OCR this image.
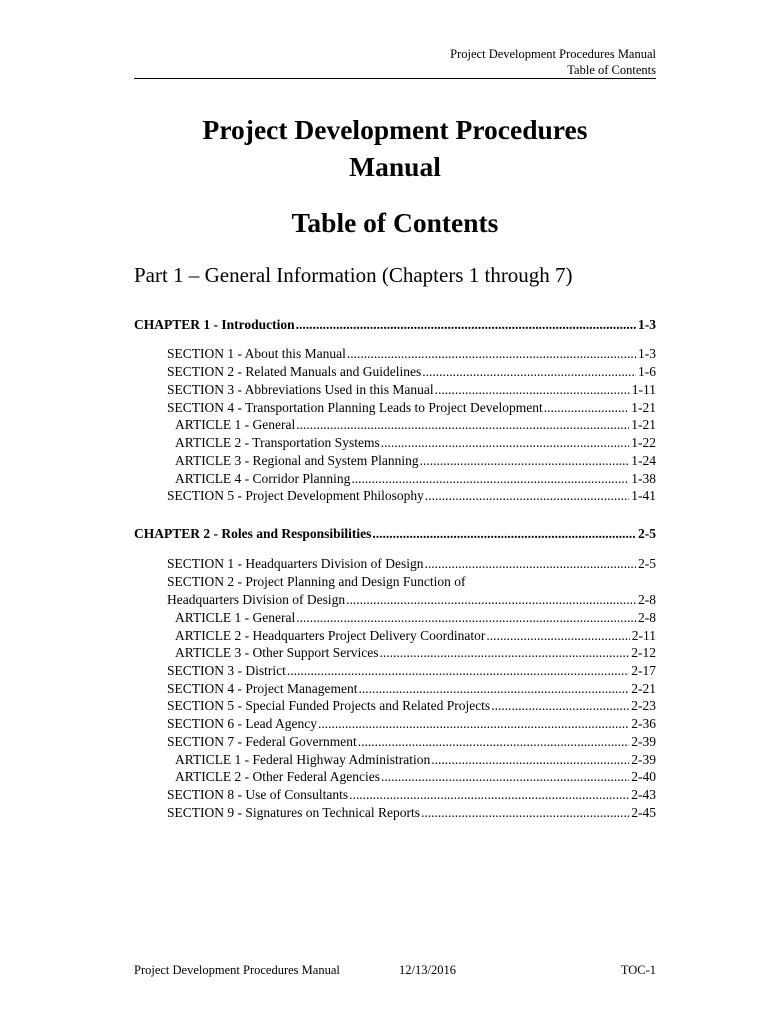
Project Development Procedures Manual
Table of Contents
Project Development Procedures
Manual
Table of Contents
Part 1 – General Information (Chapters 1 through 7)
CHAPTER 1 - Introduction .....	1-3
SECTION 1 - About this Manual .....	1-3
SECTION 2 - Related Manuals and Guidelines .....	1-6
SECTION 3 - Abbreviations Used in this Manual .....	1-11
SECTION 4 - Transportation Planning Leads to Project Development .....	1-21
ARTICLE 1 - General .....	1-21
ARTICLE 2 - Transportation Systems .....	1-22
ARTICLE 3 - Regional and System Planning .....	1-24
ARTICLE 4 - Corridor Planning .....	1-38
SECTION 5 - Project Development Philosophy .....	1-41
CHAPTER 2 - Roles and Responsibilities .....	2-5
SECTION 1 - Headquarters Division of Design .....	2-5
SECTION 2 - Project Planning and Design Function of
Headquarters Division of Design .....	2-8
ARTICLE 1 - General .....	2-8
ARTICLE 2 - Headquarters Project Delivery Coordinator .....	2-11
ARTICLE 3 - Other Support Services .....	2-12
SECTION 3 - District .....	2-17
SECTION 4 - Project Management .....	2-21
SECTION 5 - Special Funded Projects and Related Projects .....	2-23
SECTION 6 - Lead Agency .....	2-36
SECTION 7 - Federal Government .....	2-39
ARTICLE 1 - Federal Highway Administration .....	2-39
ARTICLE 2 - Other Federal Agencies .....	2-40
SECTION 8 - Use of Consultants .....	2-43
SECTION 9 - Signatures on Technical Reports .....	2-45
Project Development Procedures Manual	12/13/2016	TOC-1
